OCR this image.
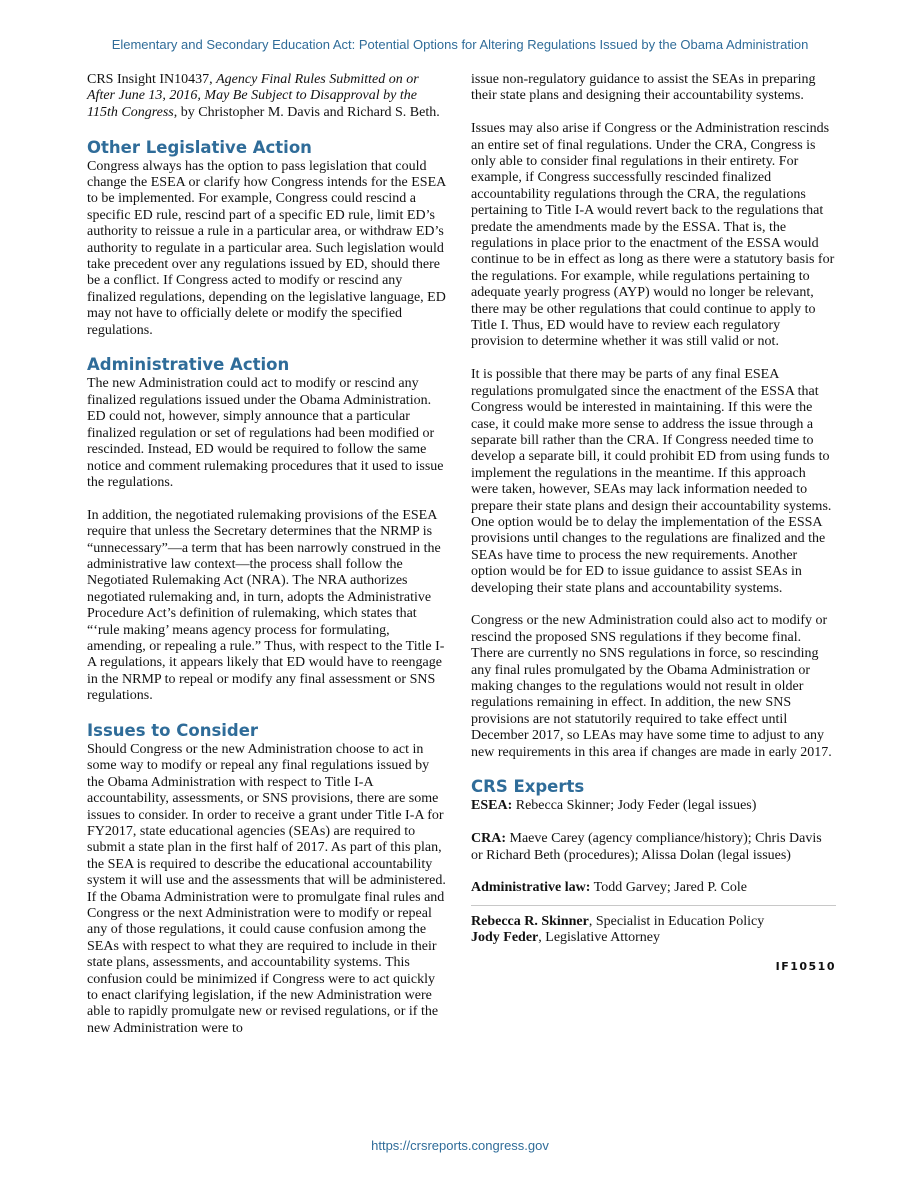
Elementary and Secondary Education Act: Potential Options for Altering Regulations Issued by the Obama Administration

CRS Insight IN10437, Agency Final Rules Submitted on or After June 13, 2016, May Be Subject to Disapproval by the 115th Congress, by Christopher M. Davis and Richard S. Beth.

Other Legislative Action

Congress always has the option to pass legislation that could change the ESEA or clarify how Congress intends for the ESEA to be implemented. For example, Congress could rescind a specific ED rule, rescind part of a specific ED rule, limit ED’s authority to reissue a rule in a particular area, or withdraw ED’s authority to regulate in a particular area. Such legislation would take precedent over any regulations issued by ED, should there be a conflict. If Congress acted to modify or rescind any finalized regulations, depending on the legislative language, ED may not have to officially delete or modify the specified regulations.

Administrative Action

The new Administration could act to modify or rescind any finalized regulations issued under the Obama Administration. ED could not, however, simply announce that a particular finalized regulation or set of regulations had been modified or rescinded. Instead, ED would be required to follow the same notice and comment rulemaking procedures that it used to issue the regulations.

In addition, the negotiated rulemaking provisions of the ESEA require that unless the Secretary determines that the NRMP is “unnecessary”—a term that has been narrowly construed in the administrative law context—the process shall follow the Negotiated Rulemaking Act (NRA). The NRA authorizes negotiated rulemaking and, in turn, adopts the Administrative Procedure Act’s definition of rulemaking, which states that “‘rule making’ means agency process for formulating, amending, or repealing a rule.” Thus, with respect to the Title I-A regulations, it appears likely that ED would have to reengage in the NRMP to repeal or modify any final assessment or SNS regulations.

Issues to Consider

Should Congress or the new Administration choose to act in some way to modify or repeal any final regulations issued by the Obama Administration with respect to Title I-A accountability, assessments, or SNS provisions, there are some issues to consider. In order to receive a grant under Title I-A for FY2017, state educational agencies (SEAs) are required to submit a state plan in the first half of 2017. As part of this plan, the SEA is required to describe the educational accountability system it will use and the assessments that will be administered. If the Obama Administration were to promulgate final rules and Congress or the next Administration were to modify or repeal any of those regulations, it could cause confusion among the SEAs with respect to what they are required to include in their state plans, assessments, and accountability systems. This confusion could be minimized if Congress were to act quickly to enact clarifying legislation, if the new Administration were able to rapidly promulgate new or revised regulations, or if the new Administration were to

issue non-regulatory guidance to assist the SEAs in preparing their state plans and designing their accountability systems.

Issues may also arise if Congress or the Administration rescinds an entire set of final regulations. Under the CRA, Congress is only able to consider final regulations in their entirety. For example, if Congress successfully rescinded finalized accountability regulations through the CRA, the regulations pertaining to Title I-A would revert back to the regulations that predate the amendments made by the ESSA. That is, the regulations in place prior to the enactment of the ESSA would continue to be in effect as long as there were a statutory basis for the regulations. For example, while regulations pertaining to adequate yearly progress (AYP) would no longer be relevant, there may be other regulations that could continue to apply to Title I. Thus, ED would have to review each regulatory provision to determine whether it was still valid or not.

It is possible that there may be parts of any final ESEA regulations promulgated since the enactment of the ESSA that Congress would be interested in maintaining. If this were the case, it could make more sense to address the issue through a separate bill rather than the CRA. If Congress needed time to develop a separate bill, it could prohibit ED from using funds to implement the regulations in the meantime. If this approach were taken, however, SEAs may lack information needed to prepare their state plans and design their accountability systems. One option would be to delay the implementation of the ESSA provisions until changes to the regulations are finalized and the SEAs have time to process the new requirements. Another option would be for ED to issue guidance to assist SEAs in developing their state plans and accountability systems.

Congress or the new Administration could also act to modify or rescind the proposed SNS regulations if they become final. There are currently no SNS regulations in force, so rescinding any final rules promulgated by the Obama Administration or making changes to the regulations would not result in older regulations remaining in effect. In addition, the new SNS provisions are not statutorily required to take effect until December 2017, so LEAs may have some time to adjust to any new requirements in this area if changes are made in early 2017.

CRS Experts

ESEA: Rebecca Skinner; Jody Feder (legal issues)

CRA: Maeve Carey (agency compliance/history); Chris Davis or Richard Beth (procedures); Alissa Dolan (legal issues)

Administrative law: Todd Garvey; Jared P. Cole

Rebecca R. Skinner, Specialist in Education Policy
Jody Feder, Legislative Attorney
IF10510
https://crsreports.congress.gov
